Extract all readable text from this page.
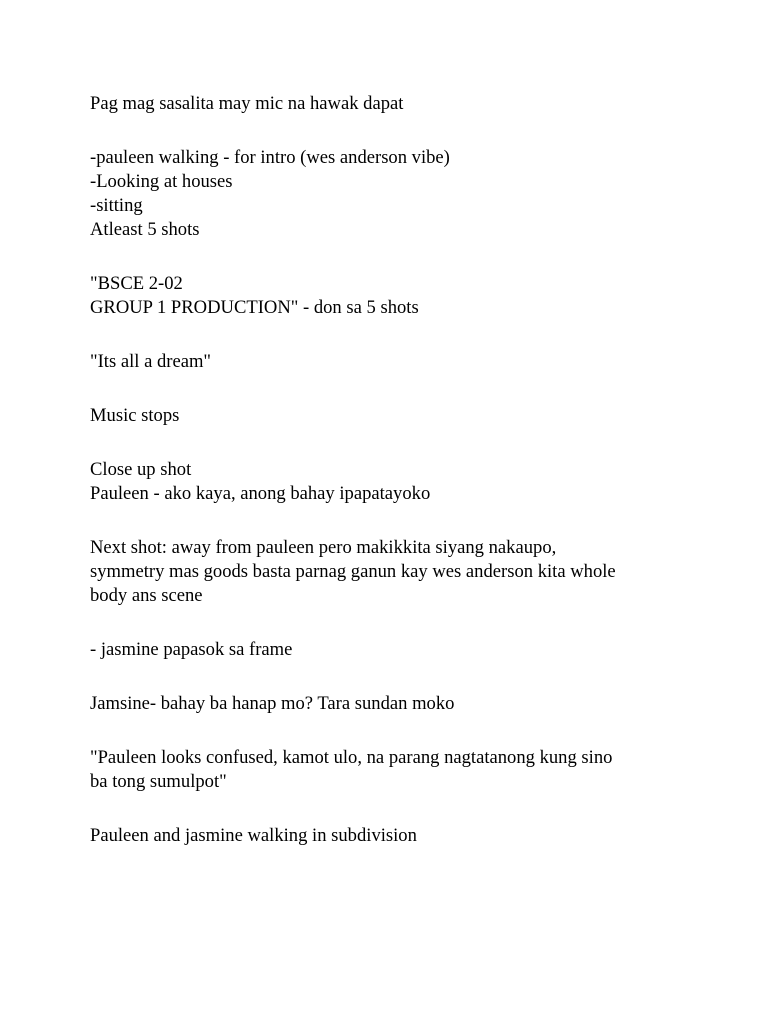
Pag mag sasalita may mic na hawak dapat

-pauleen walking - for intro (wes anderson vibe)
-Looking at houses
-sitting
Atleast 5 shots

"BSCE 2-02
GROUP 1 PRODUCTION" - don sa 5 shots

"Its all a dream"

Music stops

Close up shot
Pauleen - ako kaya, anong bahay ipapatayoko

Next shot: away from pauleen pero makikkita siyang nakaupo,
symmetry mas goods basta parnag ganun kay wes anderson kita whole
body ans scene

- jasmine papasok sa frame

Jamsine- bahay ba hanap mo? Tara sundan moko

"Pauleen looks confused, kamot ulo, na parang nagtatanong kung sino
ba tong sumulpot"

Pauleen and jasmine walking in subdivision
